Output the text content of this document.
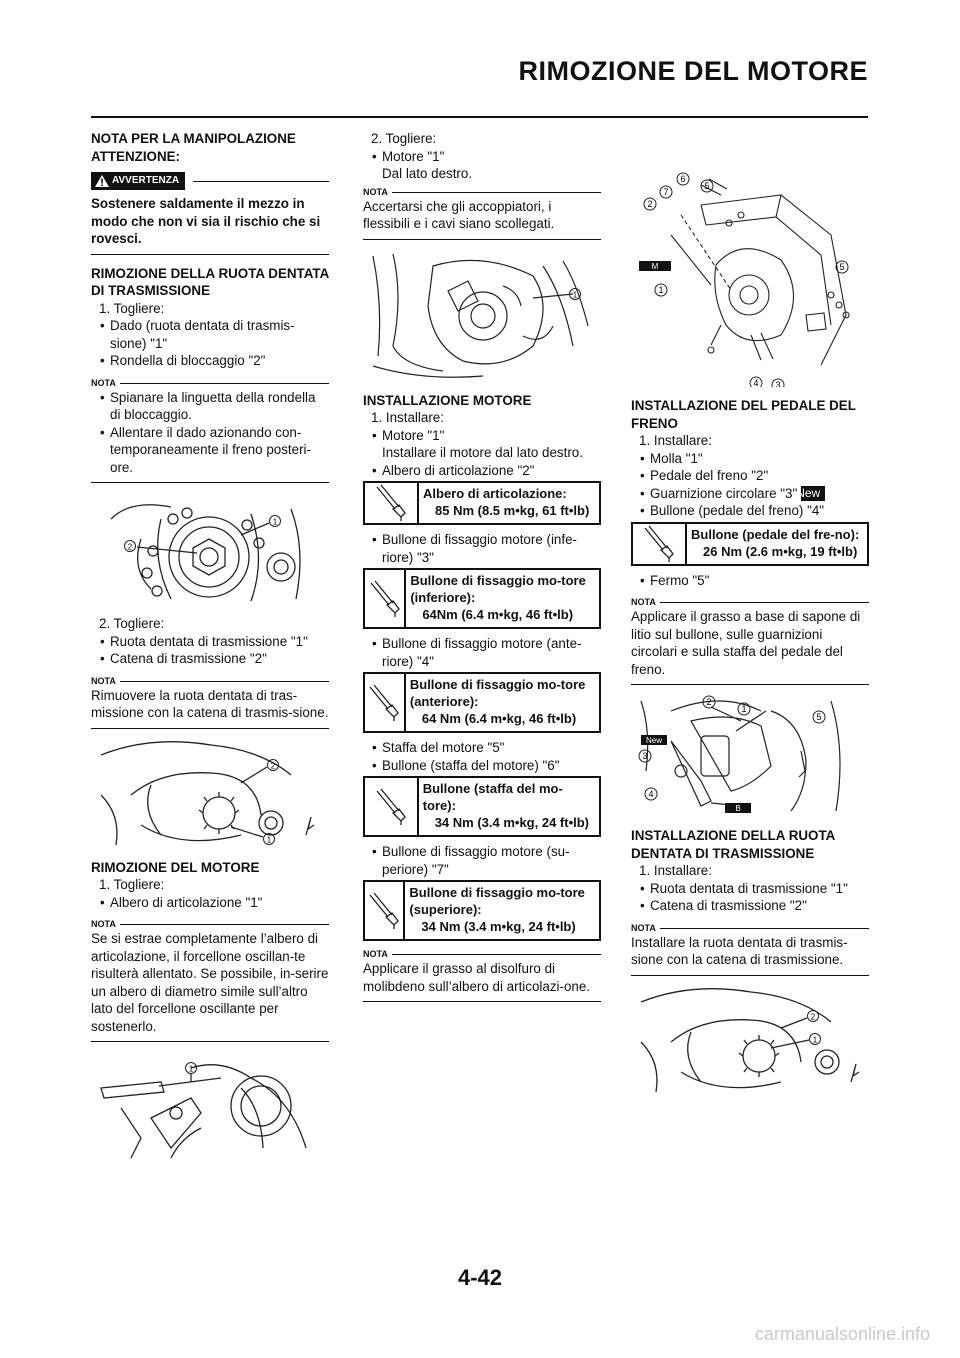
RIMOZIONE DEL MOTORE
NOTA PER LA MANIPOLAZIONE
ATTENZIONE:
AVVERTENZA
Sostenere saldamente il mezzo in modo che non vi sia il rischio che si rovesci.
RIMOZIONE DELLA RUOTA DENTATA DI TRASMISSIONE
1. Togliere:
• Dado (ruota dentata di trasmis-sione) "1"
• Rondella di bloccaggio "2"
NOTA
• Spianare la linguetta della rondella di bloccaggio.
• Allentare il dado azionando con-temporaneamente il freno posteri-ore.
1
2
2. Togliere:
• Ruota dentata di trasmissione "1"
• Catena di trasmissione "2"
NOTA
Rimuovere la ruota dentata di tras-missione con la catena di trasmis-sione.
2
1
RIMOZIONE DEL MOTORE
1. Togliere:
• Albero di articolazione "1"
NOTA
Se si estrae completamente l’albero di articolazione, il forcellone oscillan-te risulterà allentato. Se possibile, in-serire un albero di diametro simile sull’altro lato del forcellone oscillante per sostenerlo.
1
2. Togliere:
• Motore "1"
Dal lato destro.
NOTA
Accertarsi che gli accoppiatori, i flessibili e i cavi siano scollegati.
1
INSTALLAZIONE MOTORE
1. Installare:
• Motore "1"
Installare il motore dal lato destro.
• Albero di articolazione "2"
Albero di articolazione:
85 Nm (8.5 m•kg, 61 ft•lb)
• Bullone di fissaggio motore (infe-riore) "3"
Bullone di fissaggio mo-tore (inferiore):
64Nm (6.4 m•kg, 46 ft•lb)
• Bullone di fissaggio motore (ante-riore) "4"
Bullone di fissaggio mo-tore (anteriore):
64 Nm (6.4 m•kg, 46 ft•lb)
• Staffa del motore "5"
• Bullone (staffa del motore) "6"
Bullone (staffa del mo-tore):
34 Nm (3.4 m•kg, 24 ft•lb)
• Bullone di fissaggio motore (su-periore) "7"
Bullone di fissaggio mo-tore (superiore):
34 Nm (3.4 m•kg, 24 ft•lb)
NOTA
Applicare il grasso al disolfuro di molibdeno sull’albero di articolazi-one.
M
1
2
3
4
5
5
6
7
INSTALLAZIONE DEL PEDALE DEL FRENO
1. Installare:
• Molla "1"
• Pedale del freno "2"
• Guarnizione circolare "3"New
• Bullone (pedale del freno) "4"
Bullone (pedale del fre-no):
26 Nm (2.6 m•kg, 19 ft•lb)
• Fermo "5"
NOTA
Applicare il grasso a base di sapone di litio sul bullone, sulle guarnizioni circolari e sulla staffa del pedale del freno.
New
B
1
2
3
4
5
INSTALLAZIONE DELLA RUOTA DENTATA DI TRASMISSIONE
1. Installare:
• Ruota dentata di trasmissione "1"
• Catena di trasmissione "2"
NOTA
Installare la ruota dentata di trasmis-sione con la catena di trasmissione.
2
1
4-42
carmanualsonline.info
